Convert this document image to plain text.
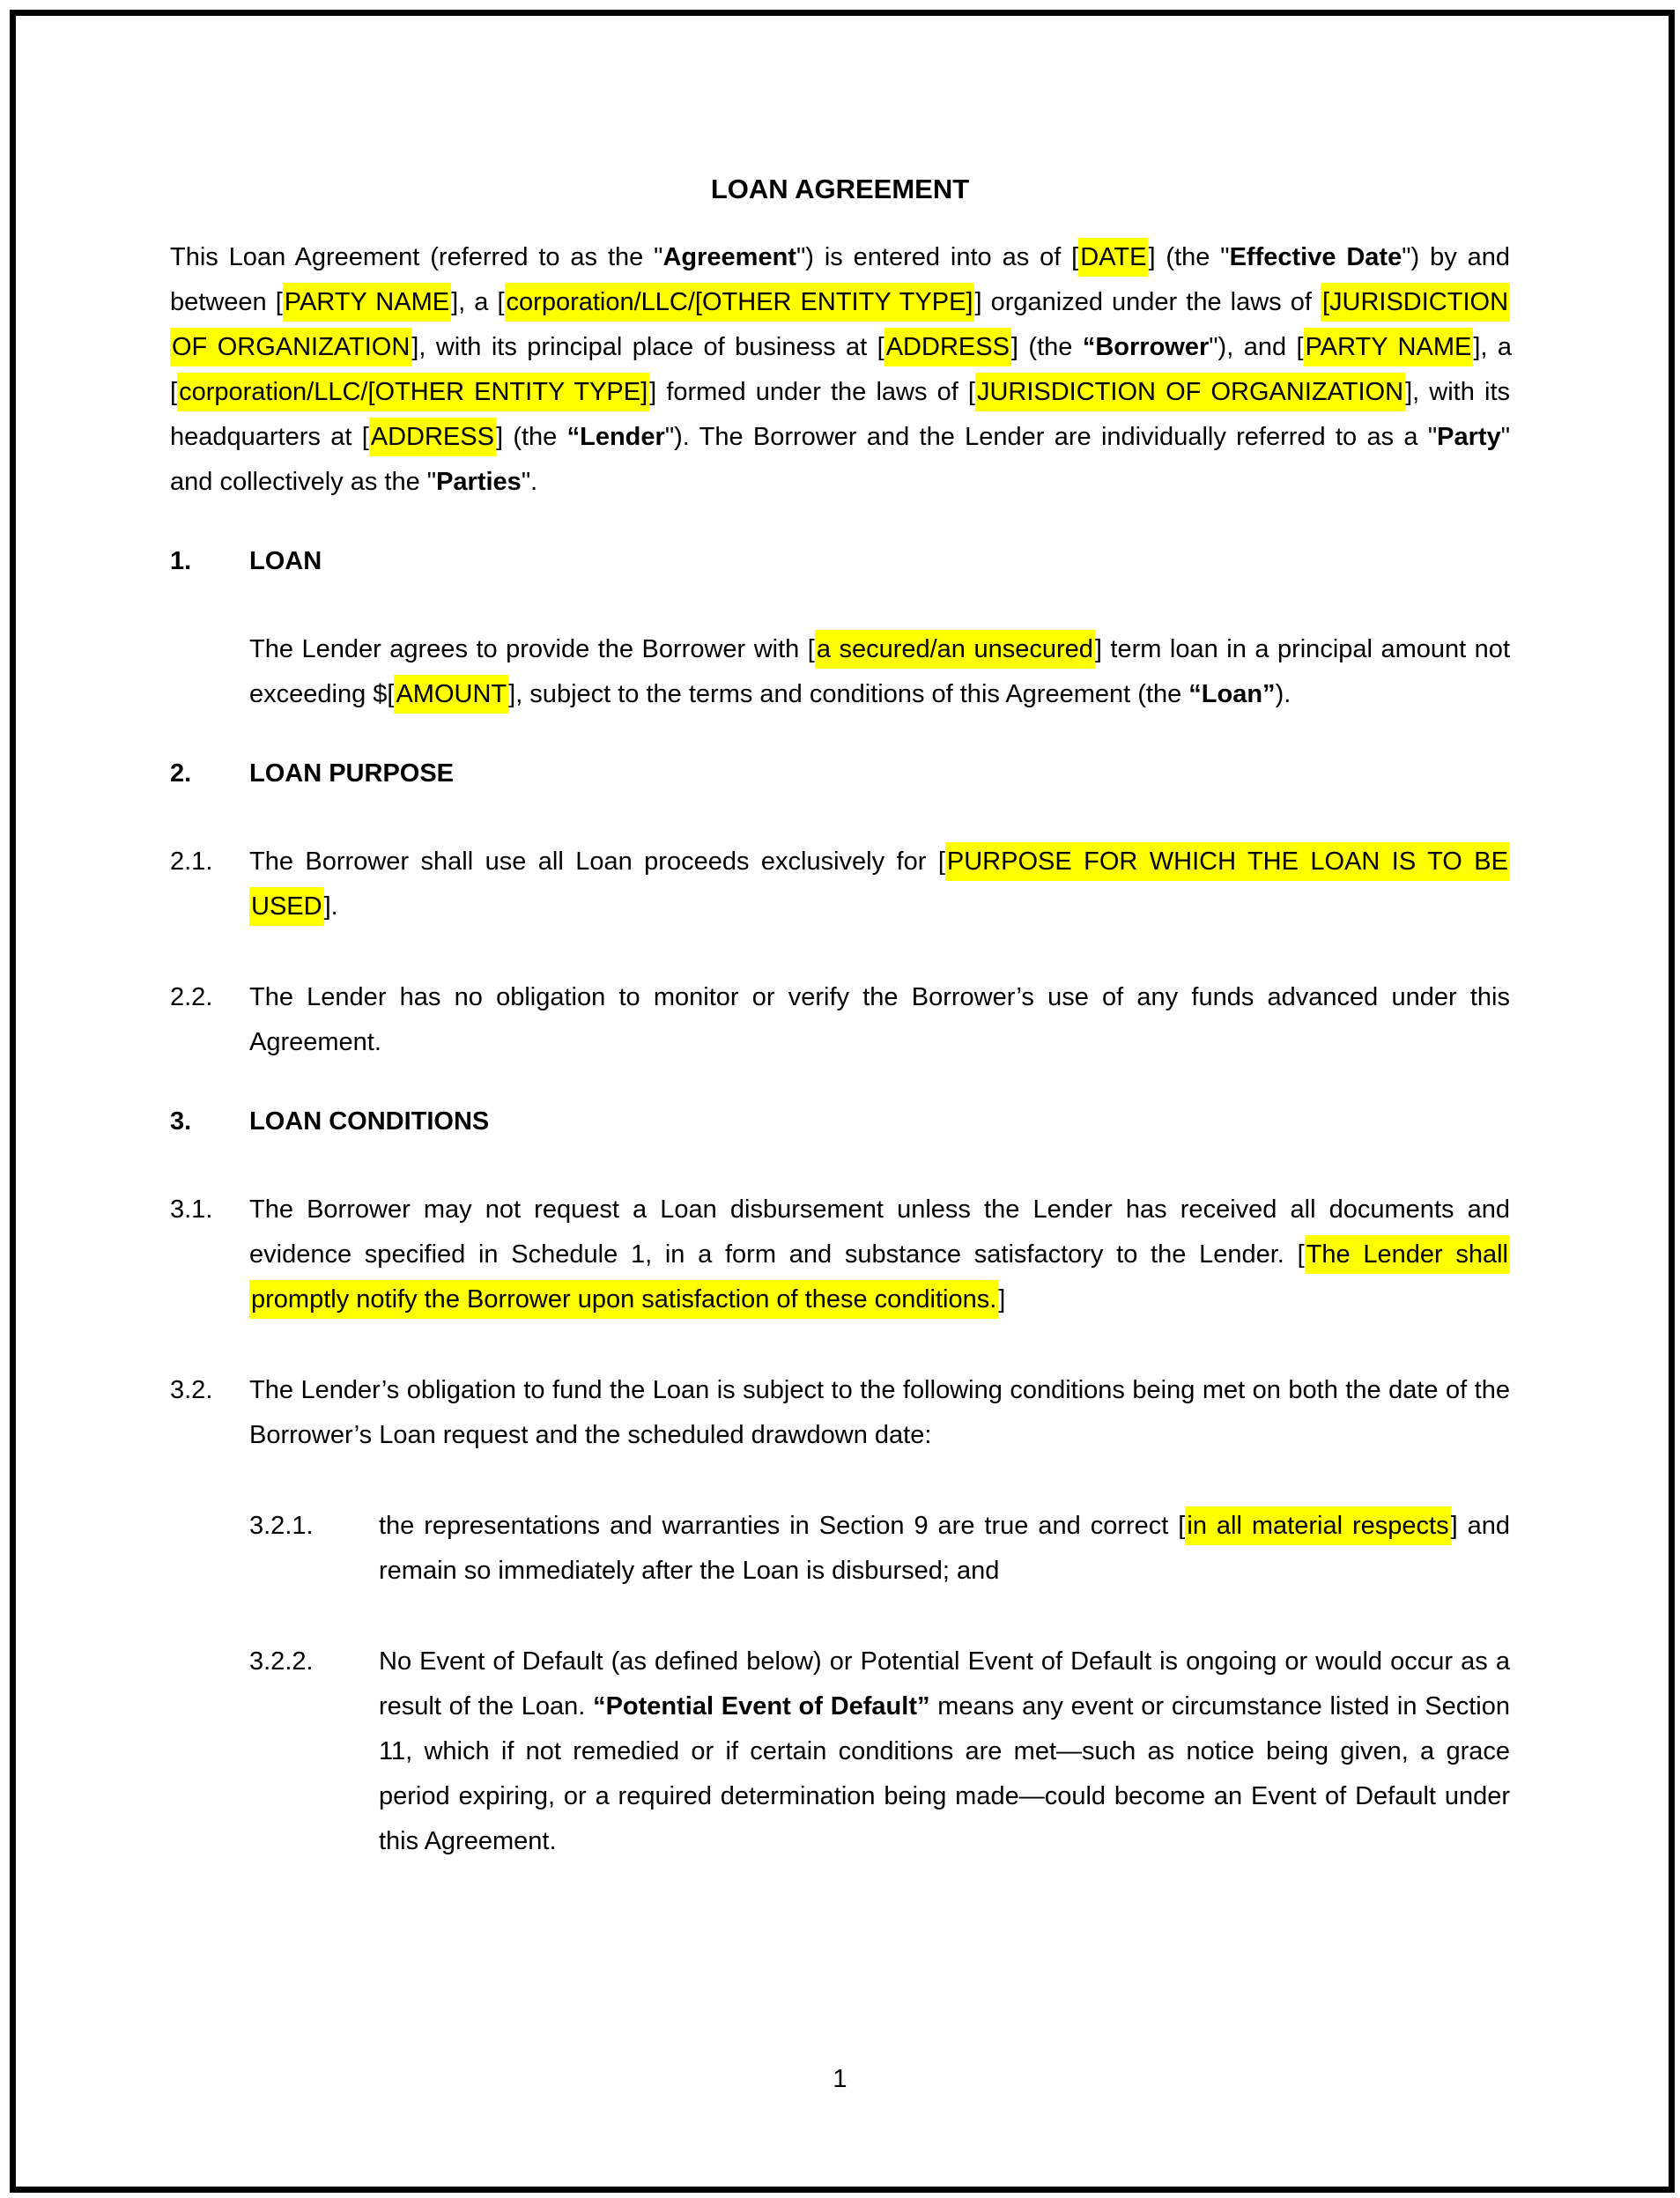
LOAN AGREEMENT

This Loan Agreement (referred to as the "Agreement") is entered into as of [DATE] (the "Effective Date") by and between [PARTY NAME], a [corporation/LLC/[OTHER ENTITY TYPE]] organized under the laws of [JURISDICTION OF ORGANIZATION], with its principal place of business at [ADDRESS] (the “Borrower"), and [PARTY NAME], a [corporation/LLC/[OTHER ENTITY TYPE]] formed under the laws of [JURISDICTION OF ORGANIZATION], with its headquarters at [ADDRESS] (the “Lender"). The Borrower and the Lender are individually referred to as a "Party" and collectively as the "Parties".

1.	LOAN

The Lender agrees to provide the Borrower with [a secured/an unsecured] term loan in a principal amount not exceeding $[AMOUNT], subject to the terms and conditions of this Agreement (the “Loan”).

2.	LOAN PURPOSE
2.1.	The Borrower shall use all Loan proceeds exclusively for [PURPOSE FOR WHICH THE LOAN IS TO BE USED].

2.2.	The Lender has no obligation to monitor or verify the Borrower’s use of any funds advanced under this Agreement.

3.	LOAN CONDITIONS
3.1.	The Borrower may not request a Loan disbursement unless the Lender has received all documents and evidence specified in Schedule 1, in a form and substance satisfactory to the Lender. [The Lender shall promptly notify the Borrower upon satisfaction of these conditions.]

3.2.	The Lender’s obligation to fund the Loan is subject to the following conditions being met on both the date of the Borrower’s Loan request and the scheduled drawdown date:

3.2.1.	the representations and warranties in Section 9 are true and correct [in all material respects] and remain so immediately after the Loan is disbursed; and

3.2.2.	No Event of Default (as defined below) or Potential Event of Default is ongoing or would occur as a result of the Loan. “Potential Event of Default” means any event or circumstance listed in Section 11, which if not remedied or if certain conditions are met—such as notice being given, a grace period expiring, or a required determination being made—could become an Event of Default under this Agreement.

1
